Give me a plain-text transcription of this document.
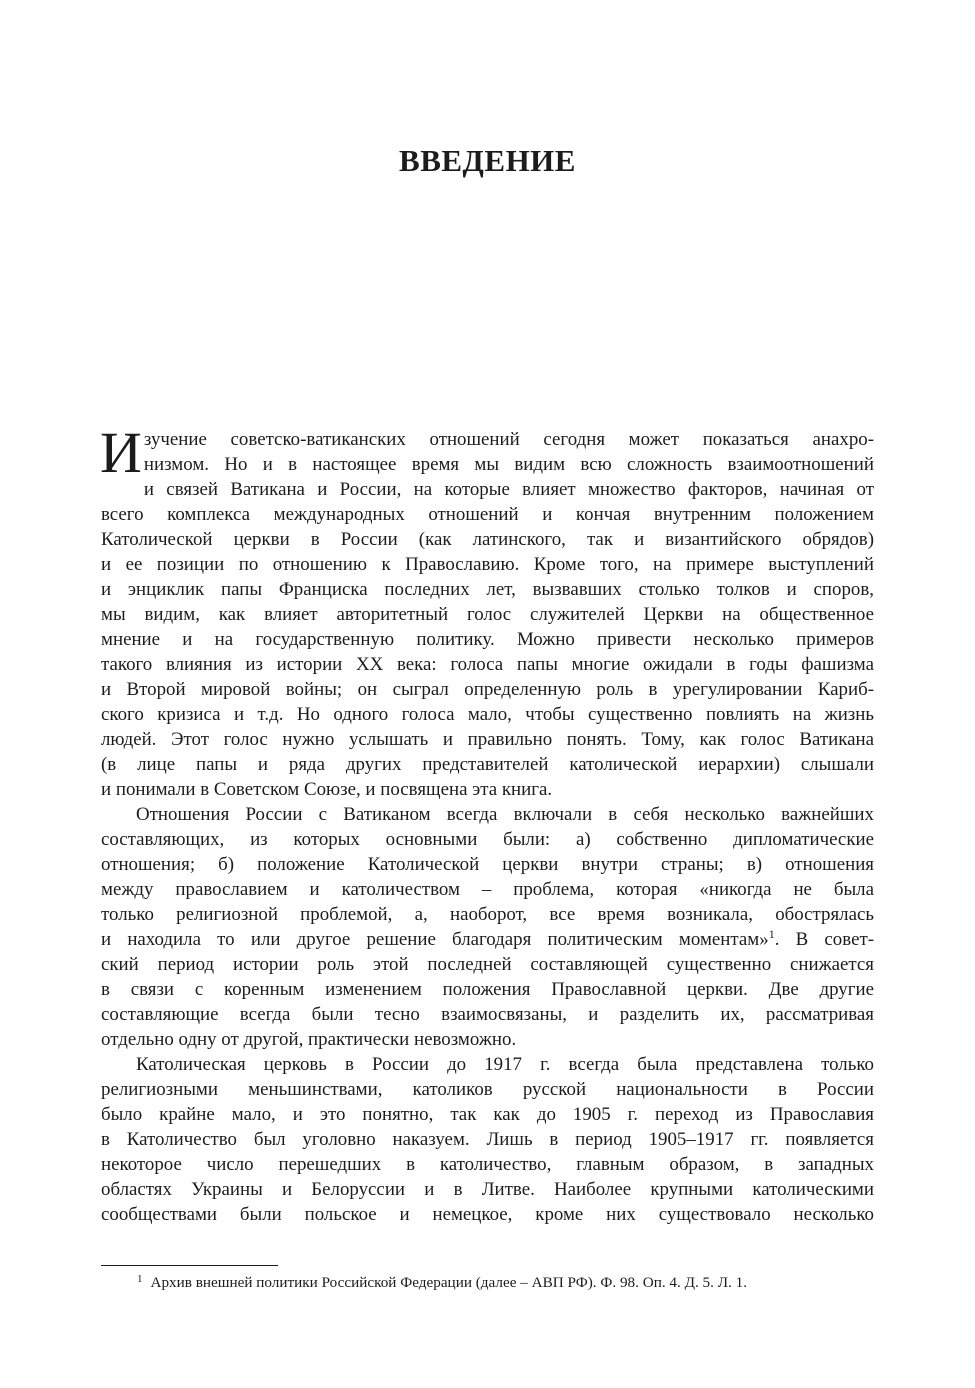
ВВЕДЕНИЕ
И зучение советско-ватиканских отношений сегодня может показаться анахро-
низмом. Но и в настоящее время мы видим всю сложность взаимоотношений
и связей Ватикана и России, на которые влияет множество факторов, начиная от
всего комплекса международных отношений и кончая внутренним положением
Католической церкви в России (как латинского, так и византийского обрядов)
и ее позиции по отношению к Православию. Кроме того, на примере выступлений
и энциклик папы Франциска последних лет, вызвавших столько толков и споров,
мы видим, как влияет авторитетный голос служителей Церкви на общественное
мнение и на государственную политику. Можно привести несколько примеров
такого влияния из истории XX века: голоса папы многие ожидали в годы фашизма
и Второй мировой войны; он сыграл определенную роль в урегулировании Кариб-
ского кризиса и т.д. Но одного голоса мало, чтобы существенно повлиять на жизнь
людей. Этот голос нужно услышать и правильно понять. Тому, как голос Ватикана
(в лице папы и ряда других представителей католической иерархии) слышали
и понимали в Советском Союзе, и посвящена эта книга.
Отношения России с Ватиканом всегда включали в себя несколько важнейших
составляющих, из которых основными были: а) собственно дипломатические
отношения; б) положение Католической церкви внутри страны; в) отношения
между православием и католичеством – проблема, которая «никогда не была
только религиозной проблемой, а, наоборот, все время возникала, обострялась
и находила то или другое решение благодаря политическим моментам»$^1$. В совет-
ский период истории роль этой последней составляющей существенно снижается
в связи с коренным изменением положения Православной церкви. Две другие
составляющие всегда были тесно взаимосвязаны, и разделить их, рассматривая
отдельно одну от другой, практически невозможно.
Католическая церковь в России до 1917 г. всегда была представлена только
религиозными меньшинствами, католиков русской национальности в России
было крайне мало, и это понятно, так как до 1905 г. переход из Православия
в Католичество был уголовно наказуем. Лишь в период 1905–1917 гг. появляется
некоторое число перешедших в католичество, главным образом, в западных
областях Украины и Белоруссии и в Литве. Наиболее крупными католическими
сообществами были польское и немецкое, кроме них существовало несколько
$^1$ Архив внешней политики Российской Федерации (далее – АВП РФ). Ф. 98. Оп. 4. Д. 5. Л. 1.
